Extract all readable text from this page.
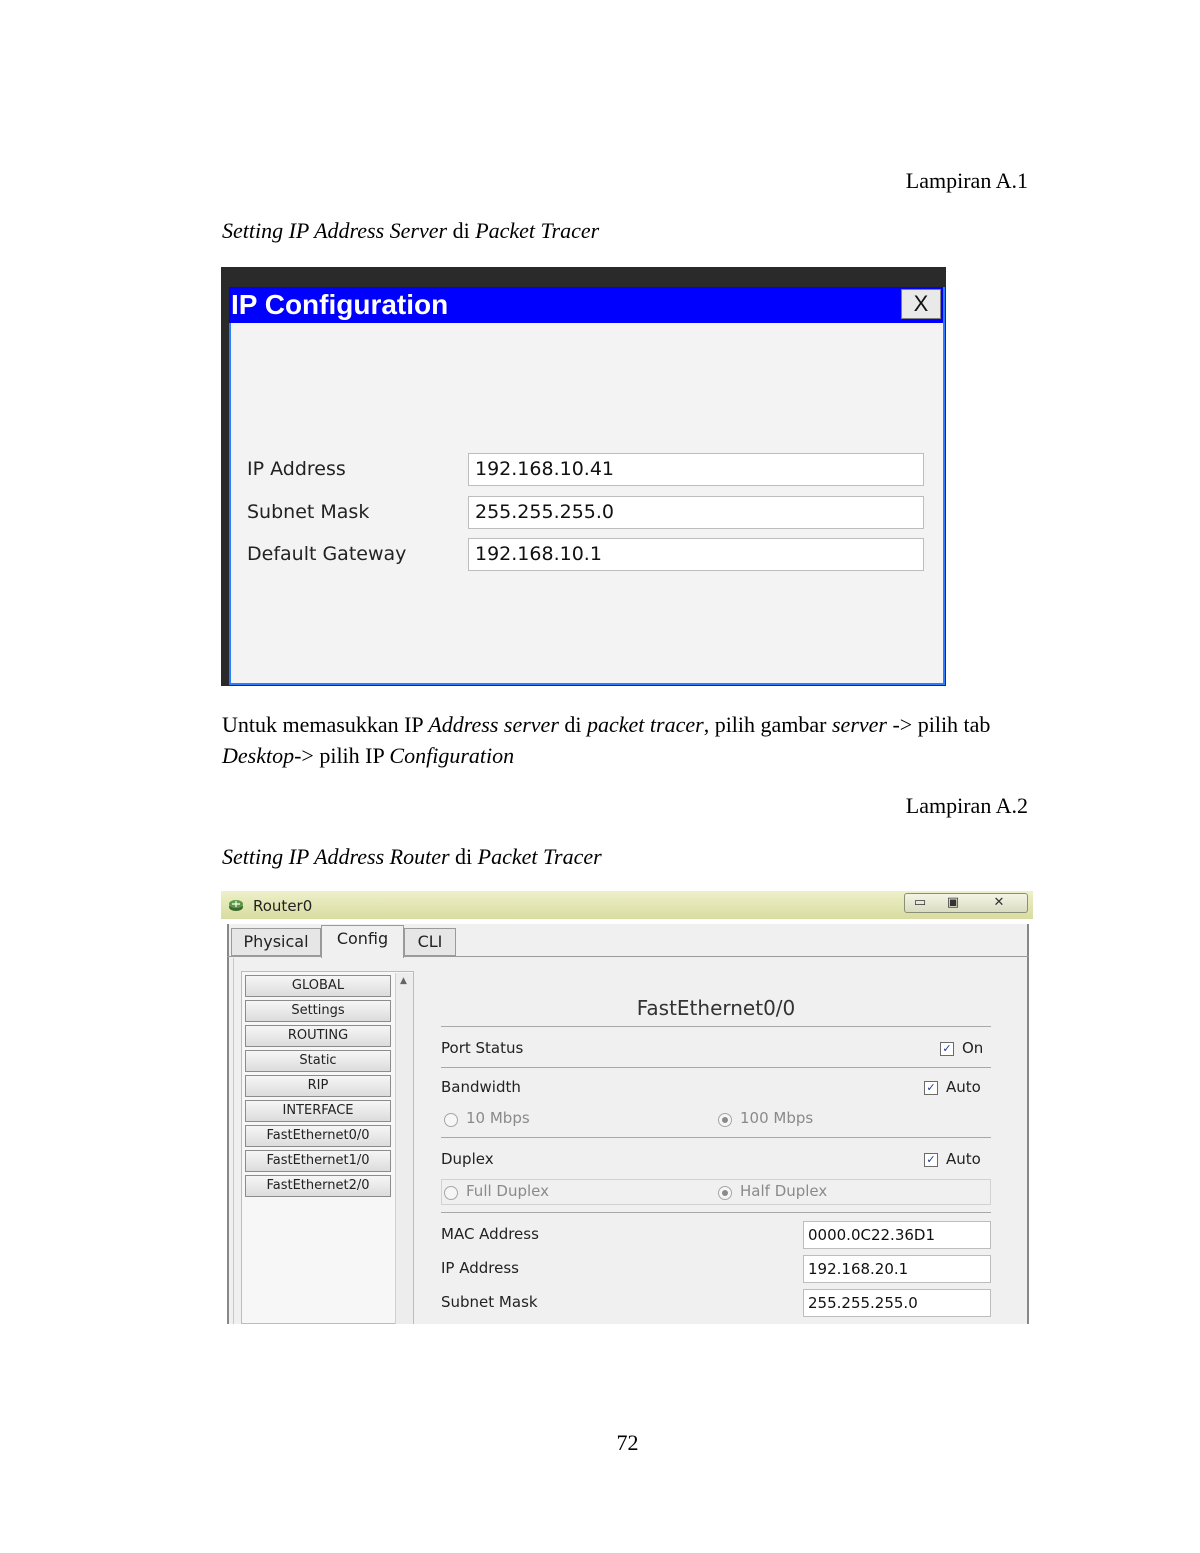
Lampiran A.1
Setting IP Address Server di Packet Tracer
IP Configuration	X
IP Address	192.168.10.41
Subnet Mask	255.255.255.0
Default Gateway	192.168.10.1
Untuk memasukkan IP Address server di packet tracer, pilih gambar server -> pilih tab Desktop-> pilih IP Configuration
Lampiran A.2
Setting IP Address Router di Packet Tracer
Router0	▭	▣	✕
Physical	CLI
Config
▲
GLOBAL
Settings
ROUTING
Static
RIP
INTERFACE
FastEthernet0/0
FastEthernet1/0
FastEthernet2/0
FastEthernet0/0
Port Status	✓ On
Bandwidth	✓ Auto
10 Mbps	100 Mbps
Duplex	✓ Auto
Full Duplex	Half Duplex
MAC Address	0000.0C22.36D1
IP Address	192.168.20.1
Subnet Mask	255.255.255.0
72
